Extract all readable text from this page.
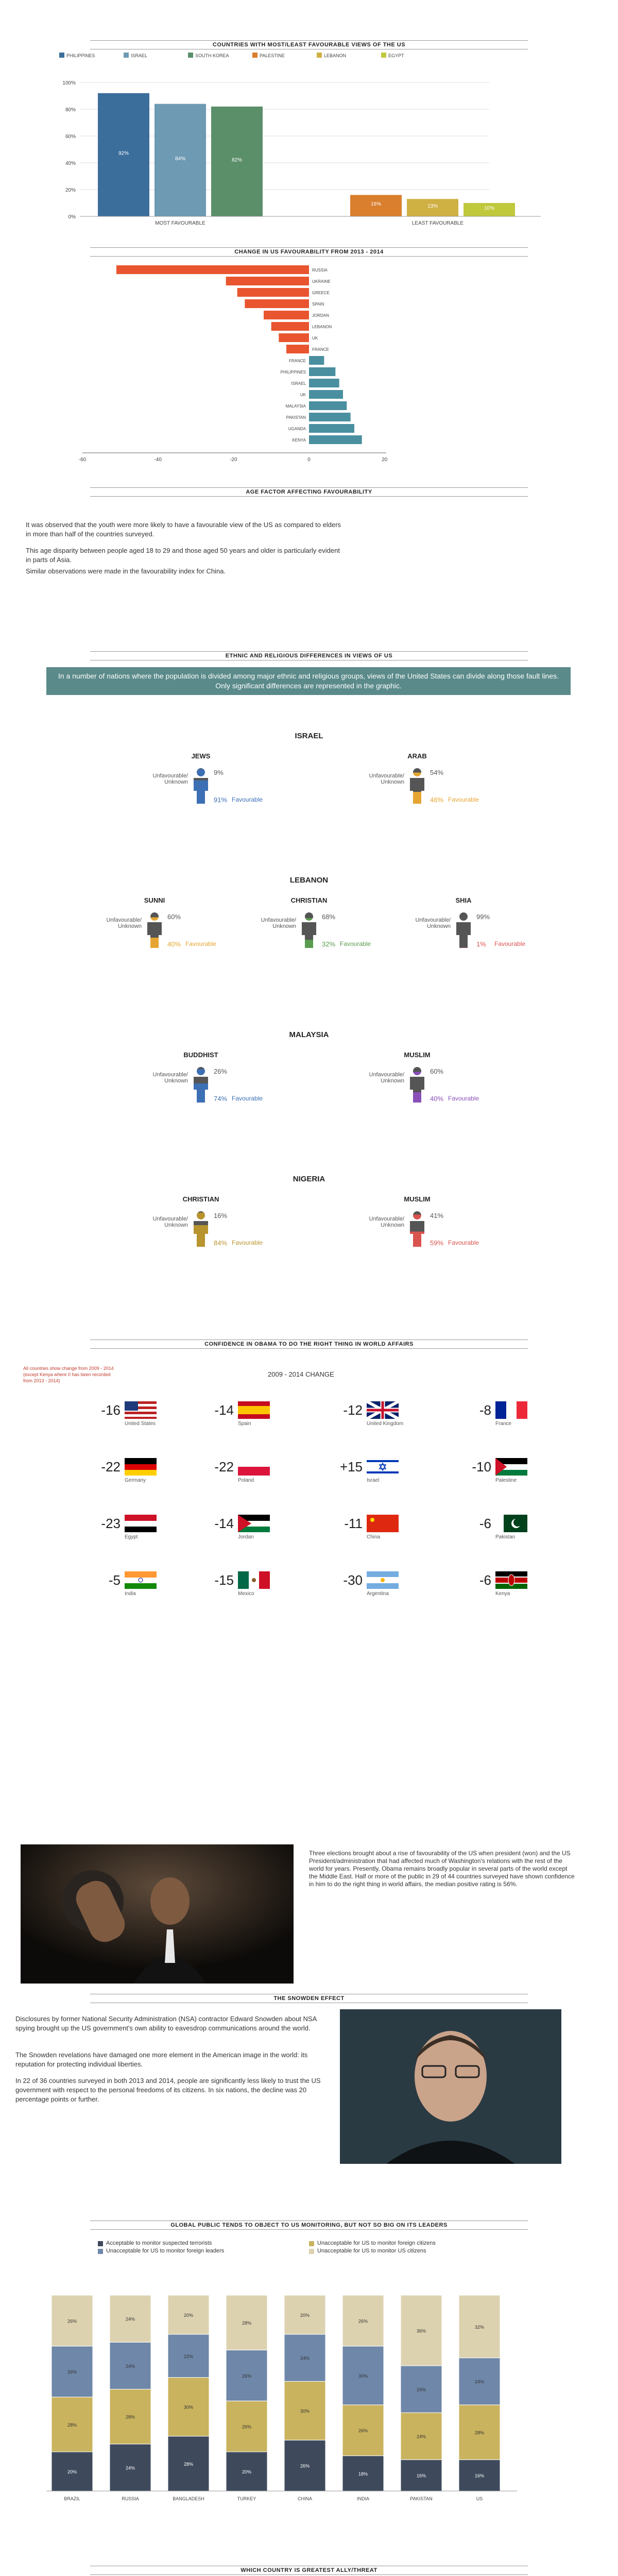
COUNTRIES WITH MOST/LEAST FAVOURABLE VIEWS OF THE US
PHILIPPINES	ISRAEL	SOUTH KOREA	PALESTINE	LEBANON	EGYPT
100%
80%
60%
40%
20%
0%
92%
84%	82%
16%	13%	10%
MOST FAVOURABLE	LEAST FAVOURABLE
CHANGE IN US FAVOURABILITY FROM 2013 - 2014
RUSSIA
UKRAINE
GREECE
SPAIN
JORDAN
LEBANON
UK
FRANCE
FRANCE
PHILIPPINES
ISRAEL
UK
MALAYSIA
PAKISTAN
UGANDA
KENYA
-60	-40	-20	0	20
AGE FACTOR AFFECTING FAVOURABILITY
It was observed that the youth were more likely to have a favourable view of the US as compared to elders in more than half of the countries surveyed.
This age disparity between people aged 18 to 29 and those aged 50 years and older is particularly evident in parts of Asia.
Similar observations were made in the favourability index for China.
ETHNIC AND RELIGIOUS DIFFERENCES IN VIEWS OF US
In a number of nations where the population is divided among major ethnic and religious groups, views of the United States can divide along those fault lines. Only significant differences are represented in the graphic.
ISRAEL
JEWS
9%
Unfavourable/ Unknown
91% Favourable
ARAB
54%
Unfavourable/ Unknown
46% Favourable
LEBANON
SUNNI
60%
Unfavourable/ Unknown
40% Favourable
CHRISTIAN
68%
Unfavourable/ Unknown
32% Favourable
SHIA
99%
Unfavourable/ Unknown
1% Favourable
MALAYSIA
BUDDHIST
26%
Unfavourable/ Unknown
74% Favourable
MUSLIM
60%
Unfavourable/ Unknown
40% Favourable
NIGERIA
CHRISTIAN
16%
Unfavourable/ Unknown
84% Favourable
MUSLIM
41%
Unfavourable/ Unknown
59% Favourable
CONFIDENCE IN OBAMA TO DO THE RIGHT THING IN WORLD AFFAIRS
All countries show change from 2009 - 2014 (except Kenya where 0 has been recorded from 2013 - 2014)
2009 - 2014 CHANGE
-16
United States
-14
Spain
-12
United Kingdom
-8
France
-22
Germany
-22
Poland
+15
Israel
-10
Palestine
-23
Egypt
-14
Jordan
-11
China
-6
Pakistan
-5
India
-15
Mexico
-30
Argentina
-6
Kenya
Three elections brought about a rise of favourability of the US when president (won) and the US President/administration that had affected much of Washington's relations with the rest of the world for years. Presently, Obama remains broadly popular in several parts of the world except the Middle East. Half or more of the public in 29 of 44 countries surveyed have shown confidence in him to do the right thing in world affairs, the median positive rating is 56%.
THE SNOWDEN EFFECT
Disclosures by former National Security Administration (NSA) contractor Edward Snowden about NSA spying brought up the US government's own ability to eavesdrop communications around the world.
The Snowden revelations have damaged one more element in the American image in the world: its reputation for protecting individual liberties.
In 22 of 36 countries surveyed in both 2013 and 2014, people are significantly less likely to trust the US government with respect to the personal freedoms of its citizens. In six nations, the decline was 20 percentage points or further.
GLOBAL PUBLIC TENDS TO OBJECT TO US MONITORING, BUT NOT SO BIG ON ITS LEADERS
Acceptable to monitor suspected terrorists	Unacceptable for US to monitor foreign citizens
Unacceptable for US to monitor foreign leaders	Unacceptable for US to monitor US citizens
20%
28%
26%
26%
BRAZIL
24%
28%
24%
24%
RUSSIA
28%
30%
22%
20%
BANGLADESH
20%
26%
26%
28%
TURKEY
26%
30%
24%
20%
CHINA
18%
26%
30%
26%
INDIA
16%
24%
24%
36%
PAKISTAN
16%
28%
24%
32%
US
WHICH COUNTRY IS GREATEST ALLY/THREAT
